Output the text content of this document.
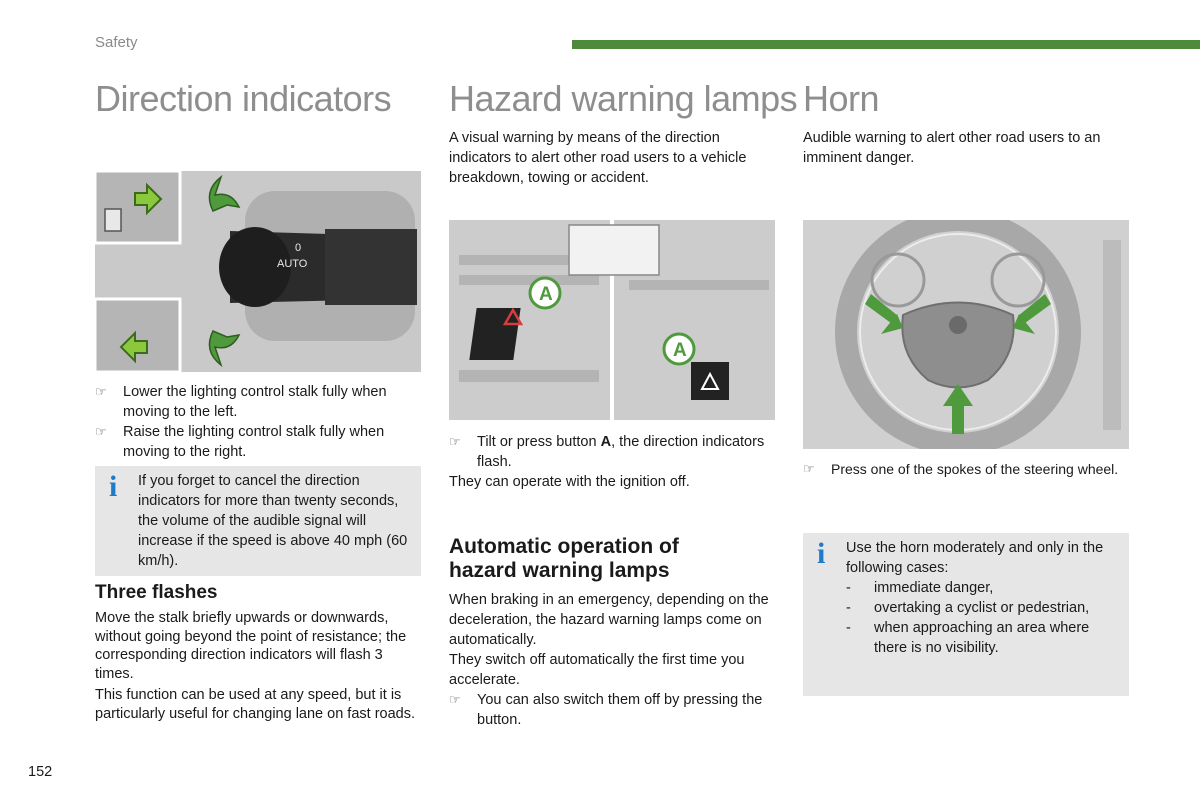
Safety
Direction indicators
AUTO
0
☞ Lower the lighting control stalk fully when moving to the left.
☞ Raise the lighting control stalk fully when moving to the right.
i If you forget to cancel the direction indicators for more than twenty seconds, the volume of the audible signal will increase if the speed is above 40 mph (60 km/h).
Three flashes

Move the stalk briefly upwards or downwards, without going beyond the point of resistance; the corresponding direction indicators will flash 3 times.

This function can be used at any speed, but it is particularly useful for changing lane on fast roads.

Hazard warning lamps
A visual warning by means of the direction indicators to alert other road users to a vehicle breakdown, towing or accident.
A
A
☞ Tilt or press button A, the direction indicators flash.

They can operate with the ignition off.

Automatic operation of
hazard warning lamps

When braking in an emergency, depending on the deceleration, the hazard warning lamps come on automatically.

They switch off automatically the first time you accelerate.

☞ You can also switch them off by pressing the button.
Horn
Audible warning to alert other road users to an imminent danger.
☞ Press one of the spokes of the steering wheel.
i Use the horn moderately and only in the following cases:

- immediate danger,
- overtaking a cyclist or pedestrian,
- when approaching an area where there is no visibility.
152
